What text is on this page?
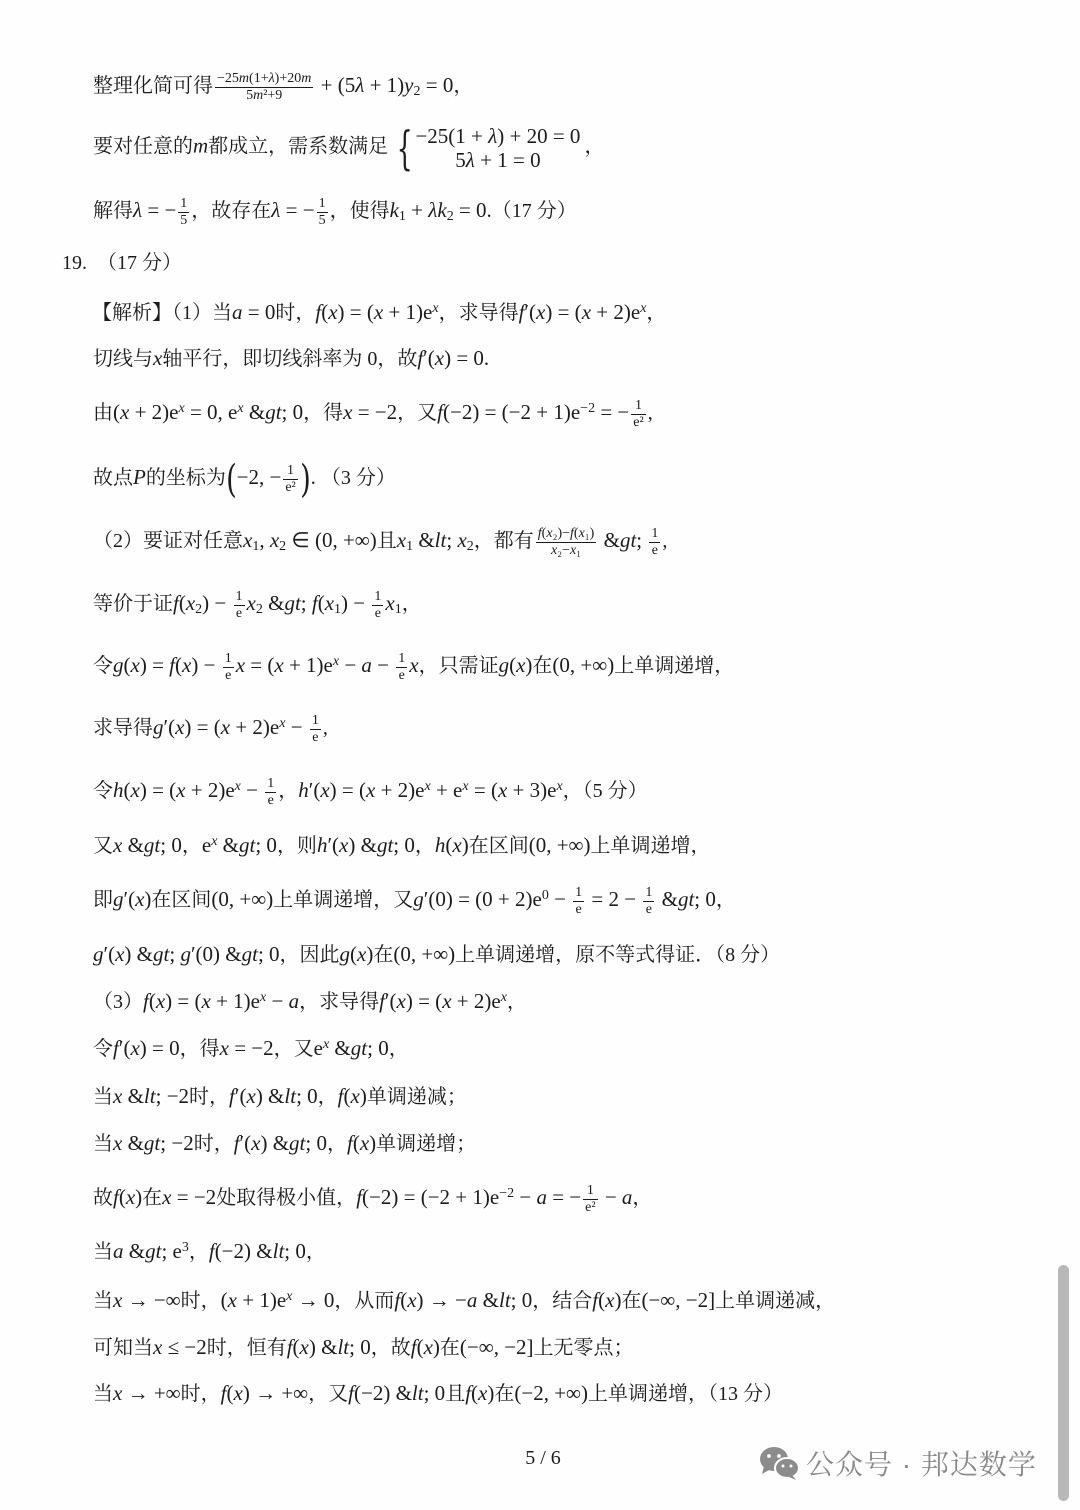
整理化简可得 $\frac{-25m(1+\lambda)+20m}{\text{5m²+9}} + (5\lambda + 1)y_2 = 0$，
要对任意的m都成立，需系数满足 { −25(1 + λ) + 20 = 0
5λ + 1 = 0
，
解得λ = − $\frac{1}{5}$ ，故存在λ = − $\frac{1}{5}$ ，使得$k_1 + \lambda k_2 = 0.(17$ 分）
19.  （17 分）
【解析】（1）当a = 0时，$f(x) = (x + 1)e^x$，求导得$f'(x) = (x + 2)e^x$，
切线与x轴平行，即切线斜率为 0，故f′(x) = 0.
由$(x + 2)e^x = 0$, $e^x$ &gt; 0，得x = −2，又$f(-2) = (-2 + 1)e^{-2}$ = − $\frac{1}{\text{e²}}$ ,
故点P的坐标为(−2, − $\frac{1}{\text{e²}}$ ). （3 分）
（2）要证对任意$x_1$, $x_2$ ∈ (0, +∞)且$x_1$ &lt; $x_2$，都有 $\frac{\text{f(x₂)−f(x₁)}}{\text{x₂−x₁}}$ &gt; $\frac{1}{e}$ ,
等价于证$f(x_2) - \frac{1}{e} x_2$ &gt; $f(x_1) - \frac{1}{e} x_1$，
令$g(x) = f(x) - \frac{1}{e}$ $x = (x + 1)e^x - a - \frac{1}{e}$ x，只需证g(x)在(0, +∞)上单调递增，
求导得$g'(x) = (x + 2)e^x - \frac{1}{e}$ ,
令$h(x) = (x + 2)e^x - \frac{1}{e}$ ，$h'(x) = (x + 2)e^x + e^x = (x + 3)e^x$，（5 分）
又x &gt; 0，$e^x$ &gt; 0，则h′(x) &gt; 0，h(x)在区间(0, +∞)上单调递增，
即g′(x)在区间(0, +∞)上单调递增，又$g'(0) = (0 + 2)e^0 - \frac{1}{e} = 2 - \frac{1}{e}$ &gt; 0，
g′(x) &gt; g′(0) &gt; 0，因此g(x)在(0, +∞)上单调递增，原不等式得证．（8 分）
$(3)f(x) = (x + 1)e^x - a$，求导得$f'(x) = (x + 2)e^x$，
令f′(x) = 0，得x = −2，又$e^x$ &gt; 0，
当x &lt; −2时，f′(x) &lt; 0，f(x)单调递减；
当x &gt; −2时，f′(x) &gt; 0，f(x)单调递增；
故f(x)在x = −2处取得极小值，$f(-2) = (-2 + 1)e^{-2} - a$ = − $\frac{1}{\text{e²}} - a$，
当a &gt; $e^3$，f(−2) &lt; 0，
当x → −∞时，$(x + 1)e^x \to 0$，从而f(x) → −a &lt; 0，结合f(x)在(−∞, −2]上单调递减，
可知当x ≤ −2时，恒有f(x) &lt; 0，故f(x)在(−∞, −2]上无零点；
当x → +∞时，f(x) → +∞，又f(−2) &lt; 0且f(x)在(−2, +∞)上单调递增，（13 分）
5 / 6	公众号 · 邦达数学
